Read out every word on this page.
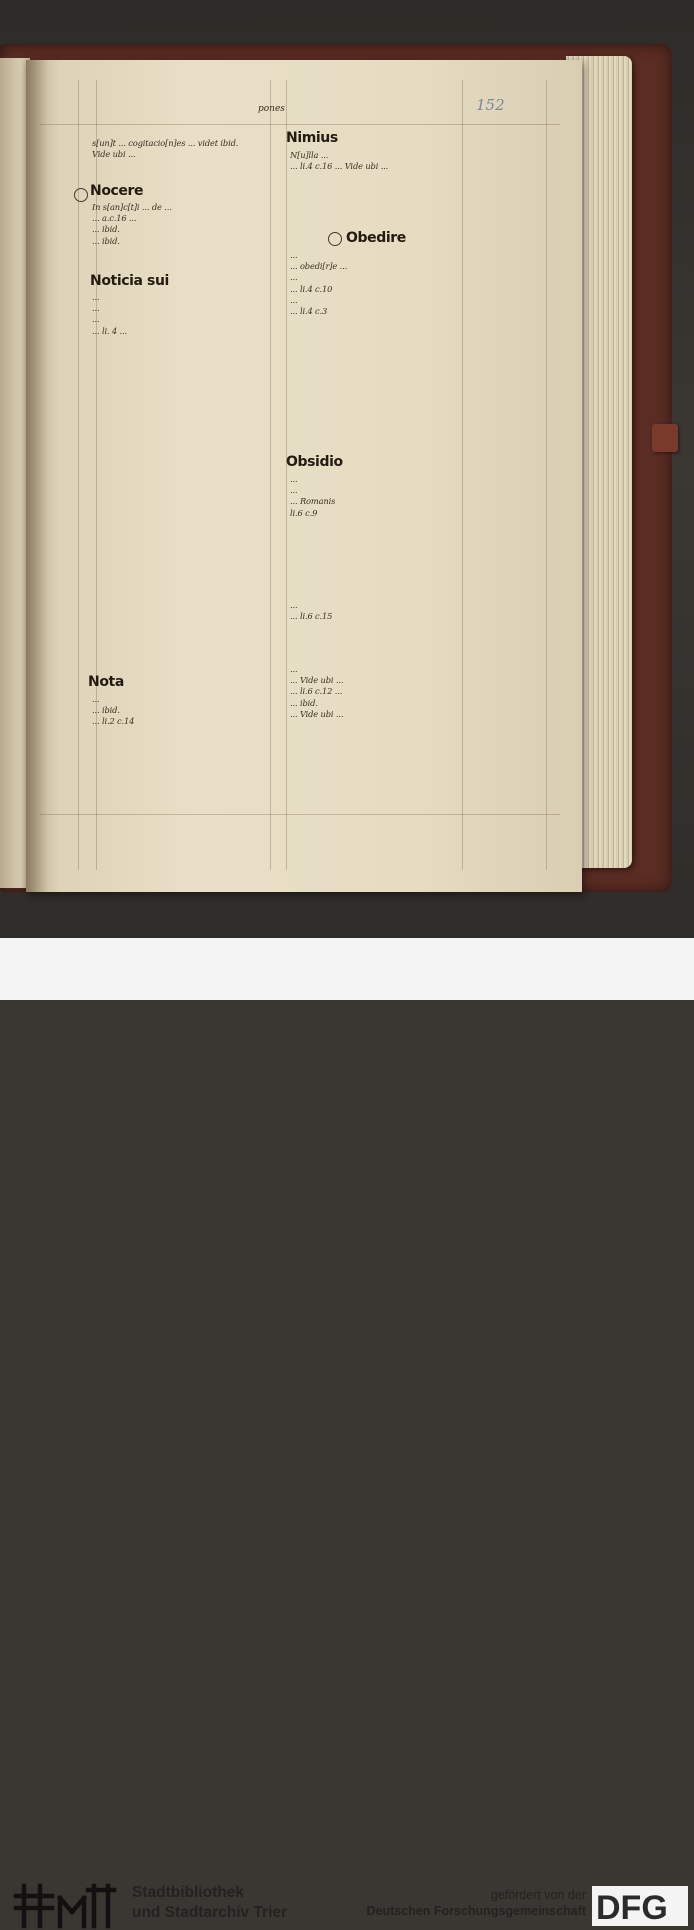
pones	152
s[un]t ... cogitacio[n]es ... videt ibid.
Vide ubi ...
Nocere
In s[an]c[t]i ... de ...
... a.c.16 ...
... ibid.
... ibid.
Noticia sui
...
...
...
... li. 4 ...
Nota
...
... ibid.
... li.2 c.14
Nimius
N[u]lla ...
... li.4 c.16 ... Vide ubi ...
Obedire
...
... obedi[r]e ...
...
... li.4 c.10
...
... li.4 c.3
Obsidio
...
...
... Romanis
li.6 c.9
...
... li.6 c.15
...
... Vide ubi ...
... li.6 c.12 ...
... ibid.
... Vide ubi ...
Stadtbibliothek
und Stadtarchiv Trier
gefördert von der
Deutschen Forschungsgemeinschaft DFG
